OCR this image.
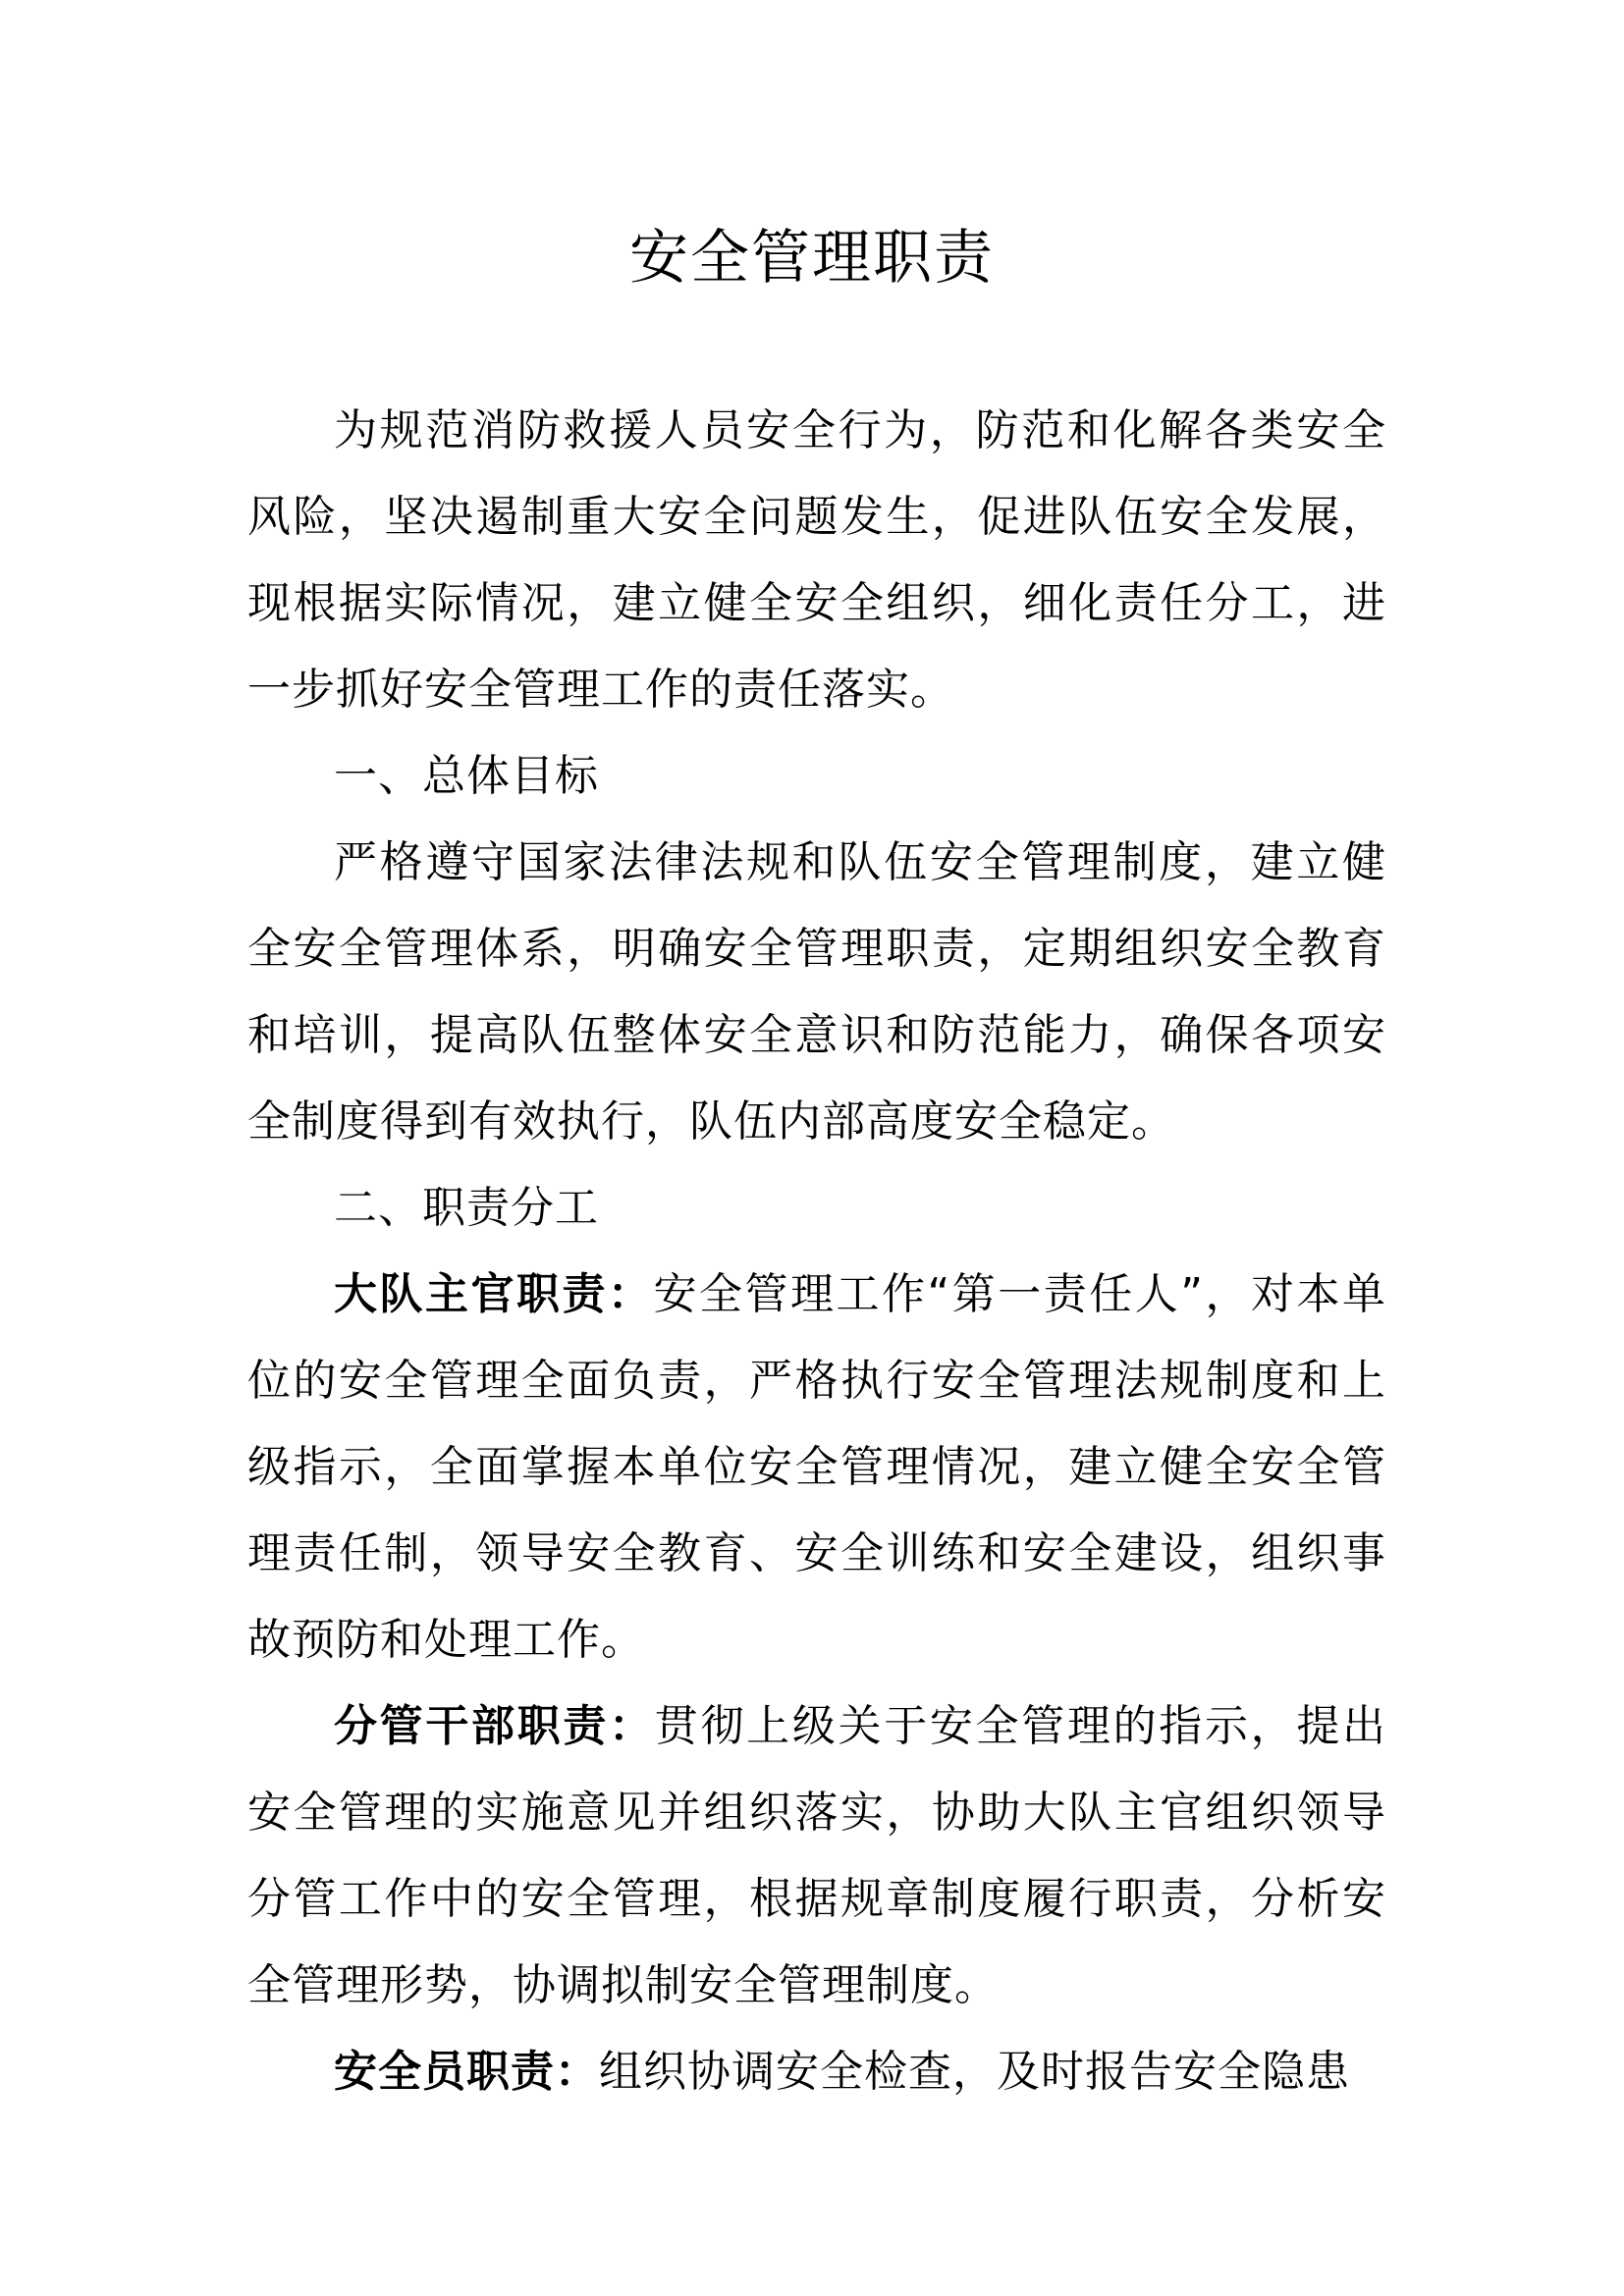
安全管理职责

为规范消防救援人员安全行为，防范和化解各类安全风险，坚决遏制重大安全问题发生，促进队伍安全发展，现根据实际情况，建立健全安全组织，细化责任分工，进一步抓好安全管理工作的责任落实。

一、总体目标

严格遵守国家法律法规和队伍安全管理制度，建立健全安全管理体系，明确安全管理职责，定期组织安全教育和培训，提高队伍整体安全意识和防范能力，确保各项安全制度得到有效执行，队伍内部高度安全稳定。

二、职责分工

大队主官职责：安全管理工作“第一责任人”，对本单位的安全管理全面负责，严格执行安全管理法规制度和上级指示，全面掌握本单位安全管理情况，建立健全安全管理责任制，领导安全教育、安全训练和安全建设，组织事故预防和处理工作。

分管干部职责：贯彻上级关于安全管理的指示，提出安全管理的实施意见并组织落实，协助大队主官组织领导分管工作中的安全管理，根据规章制度履行职责，分析安全管理形势，协调拟制安全管理制度。

安全员职责：组织协调安全检查，及时报告安全隐患
